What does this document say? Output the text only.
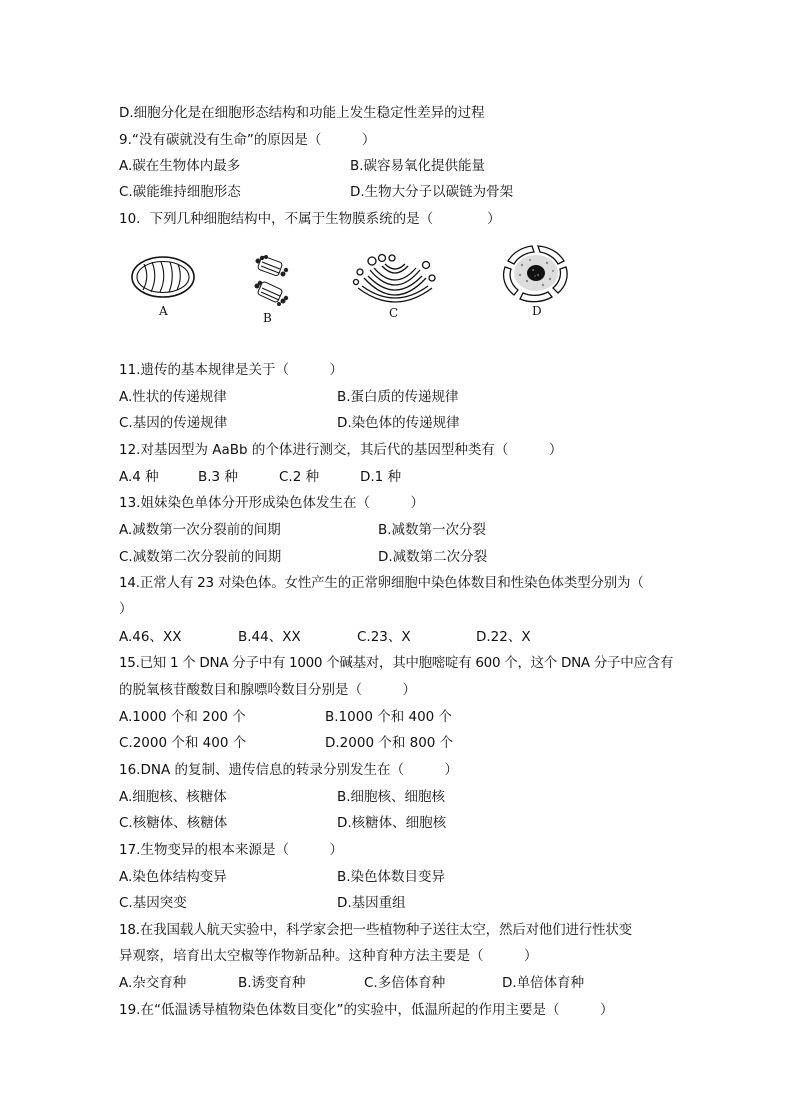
D.细胞分化是在细胞形态结构和功能上发生稳定性差异的过程
9.“没有碳就没有生命”的原因是（　　　）
A.碳在生物体内最多	B.碳容易氧化提供能量
C.碳能维持细胞形态	D.生物大分子以碳链为骨架
10．下列几种细胞结构中，不属于生物膜系统的是（　　　　）
A	B	C	D
11.遗传的基本规律是关于（　　　）
A.性状的传递规律	B.蛋白质的传递规律
C.基因的传递规律	D.染色体的传递规律
12.对基因型为 AaBb 的个体进行测交，其后代的基因型种类有（　　　）
A.4 种	B.3 种	C.2 种	D.1 种
13.姐妹染色单体分开形成染色体发生在（　　　）
A.减数第一次分裂前的间期	B.减数第一次分裂
C.减数第二次分裂前的间期	D.减数第二次分裂
14.正常人有 23 对染色体。女性产生的正常卵细胞中染色体数目和性染色体类型分别为（
）
A.46、XX	B.44、XX	C.23、X	D.22、X
15.已知 1 个 DNA 分子中有 1000 个碱基对，其中胞嘧啶有 600 个，这个 DNA 分子中应含有
的脱氧核苷酸数目和腺嘌呤数目分别是（　　　）
A.1000 个和 200 个	B.1000 个和 400 个
C.2000 个和 400 个	D.2000 个和 800 个
16.DNA 的复制、遗传信息的转录分别发生在（　　　）
A.细胞核、核糖体	B.细胞核、细胞核
C.核糖体、核糖体	D.核糖体、细胞核
17.生物变异的根本来源是（　　　）
A.染色体结构变异	B.染色体数目变异
C.基因突变	D.基因重组
18.在我国载人航天实验中，科学家会把一些植物种子送往太空，然后对他们进行性状变
异观察，培育出太空椒等作物新品种。这种育种方法主要是（　　　）
A.杂交育种	B.诱变育种	C.多倍体育种	D.单倍体育种
19.在“低温诱导植物染色体数目变化”的实验中，低温所起的作用主要是（　　　）
